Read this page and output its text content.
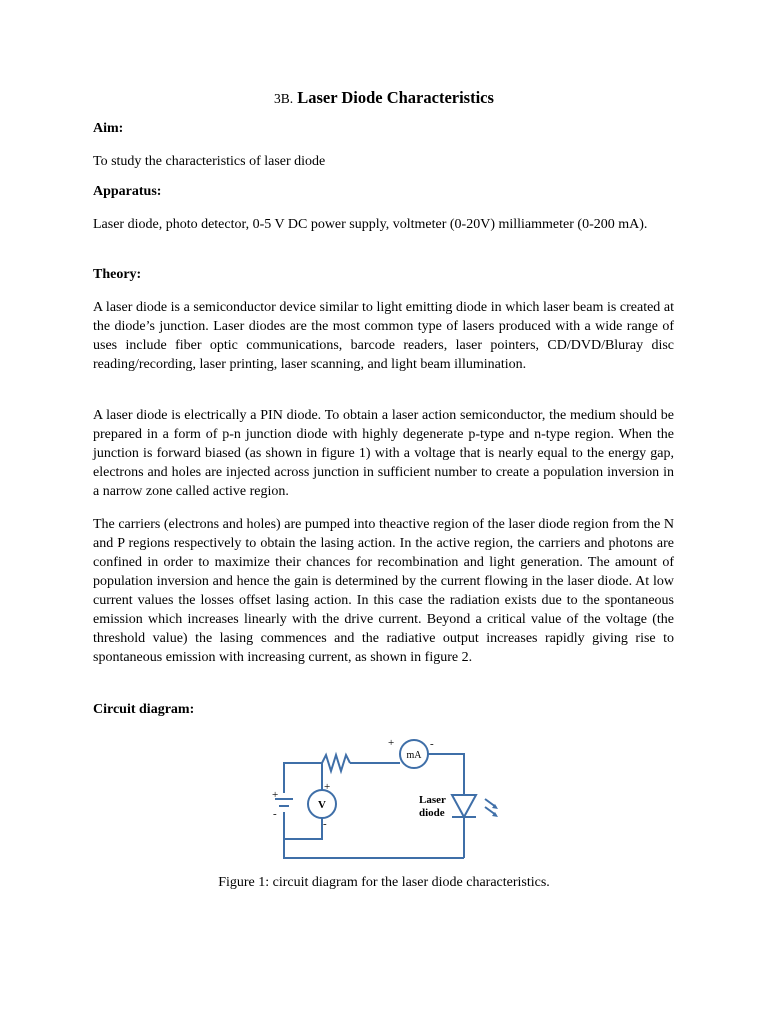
3B. Laser Diode Characteristics

Aim:

To study the characteristics of laser diode

Apparatus:

Laser diode, photo detector, 0-5 V DC power supply, voltmeter (0-20V) milliammeter (0-200 mA).

Theory:

A laser diode is a semiconductor device similar to light emitting diode in which laser beam is created at the diode’s junction. Laser diodes are the most common type of lasers produced with a wide range of uses include fiber optic communications, barcode readers, laser pointers, CD/DVD/Bluray disc reading/recording, laser printing, laser scanning, and light beam illumination.

A laser diode is electrically a PIN diode. To obtain a laser action semiconductor, the medium should be prepared in a form of p-n junction diode with highly degenerate p-type and n-type region. When the junction is forward biased (as shown in figure 1) with a voltage that is nearly equal to the energy gap, electrons and holes are injected across junction in sufficient number to create a population inversion in a narrow zone called active region.

The carriers (electrons and holes) are pumped into theactive region of the laser diode region from the N and P regions respectively to obtain the lasing action. In the active region, the carriers and photons are confined in order to maximize their chances for recombination and light generation. The amount of population inversion and hence the gain is determined by the current flowing in the laser diode. At low current values the losses offset lasing action. In this case the radiation exists due to the spontaneous emission which increases linearly with the drive current. Beyond a critical value of the voltage (the threshold value) the lasing commences and the radiative output increases rapidly giving rise to spontaneous emission with increasing current, as shown in figure 2.

Circuit diagram:

+
-
mA
+	-
V
+
-
Laser
diode
Figure 1: circuit diagram for the laser diode characteristics.
